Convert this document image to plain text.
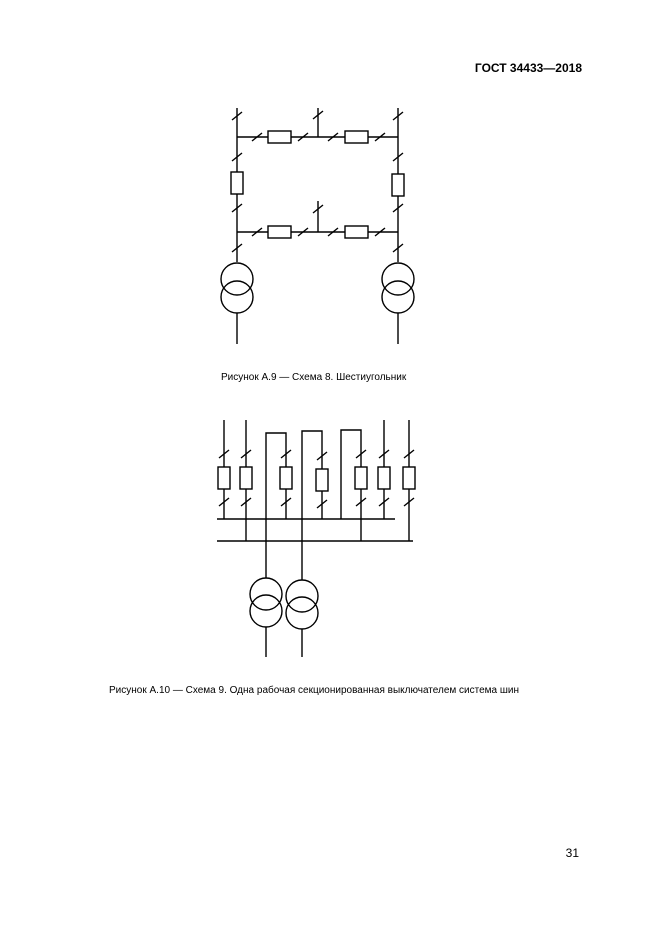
ГОСТ 34433—2018
Рисунок А.9 — Схема 8. Шестиугольник
Рисунок А.10 — Схема 9. Одна рабочая секционированная выключателем система шин
31
